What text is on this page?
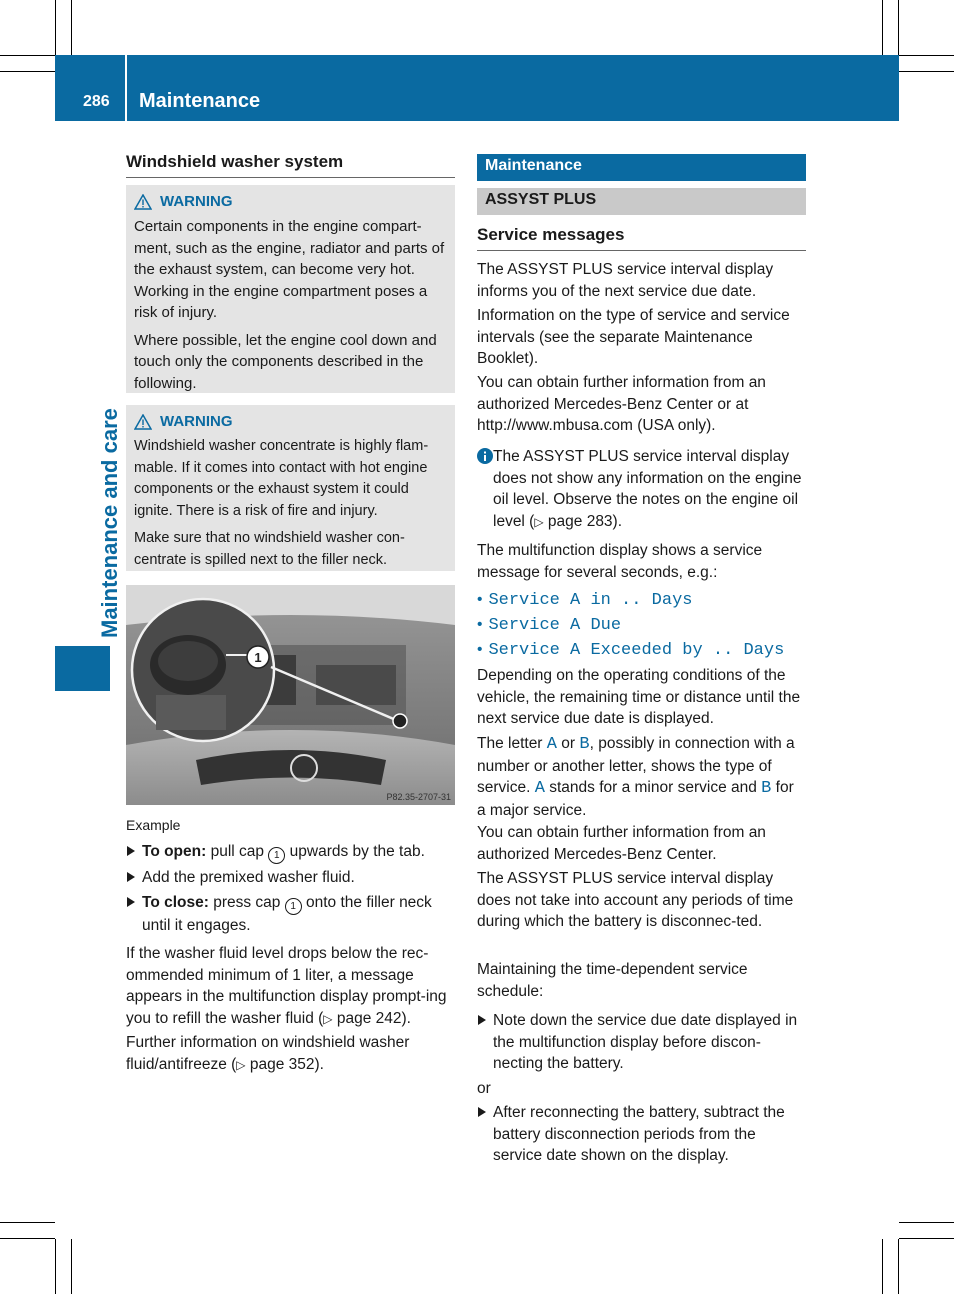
286 Maintenance
Maintenance and care
Windshield washer system
WARNING

Certain components in the engine compart-ment, such as the engine, radiator and parts of the exhaust system, can become very hot. Working in the engine compartment poses a risk of injury.

Where possible, let the engine cool down and touch only the components described in the following.

WARNING

Windshield washer concentrate is highly flam-mable. If it comes into contact with hot engine components or the exhaust system it could ignite. There is a risk of fire and injury.

Make sure that no windshield washer con-centrate is spilled next to the filler neck.

1
P82.35-2707-31
Example
To open: pull cap 1 upwards by the tab.
Add the premixed washer fluid.
To close: press cap 1 onto the filler neck until it engages.
If the washer fluid level drops below the rec-ommended minimum of 1 liter, a message appears in the multifunction display prompt-ing you to refill the washer fluid (▷ page 242).
Further information on windshield washer fluid/antifreeze (▷ page 352).
Maintenance
ASSYST PLUS
Service messages
The ASSYST PLUS service interval display informs you of the next service due date.
Information on the type of service and service intervals (see the separate Maintenance Booklet).
You can obtain further information from an authorized Mercedes-Benz Center or at http://www.mbusa.com (USA only).
The ASSYST PLUS service interval display does not show any information on the engine oil level. Observe the notes on the engine oil level (▷ page 283).
The multifunction display shows a service message for several seconds, e.g.:
• Service A in .. Days
• Service A Due
• Service A Exceeded by .. Days
Depending on the operating conditions of the vehicle, the remaining time or distance until the next service due date is displayed.
The letter A or B, possibly in connection with a number or another letter, shows the type of service. A stands for a minor service and B for a major service.
You can obtain further information from an authorized Mercedes-Benz Center.
The ASSYST PLUS service interval display does not take into account any periods of time during which the battery is disconnec-ted.
Maintaining the time-dependent service schedule:
Note down the service due date displayed in the multifunction display before discon-necting the battery.
or
After reconnecting the battery, subtract the battery disconnection periods from the service date shown on the display.
